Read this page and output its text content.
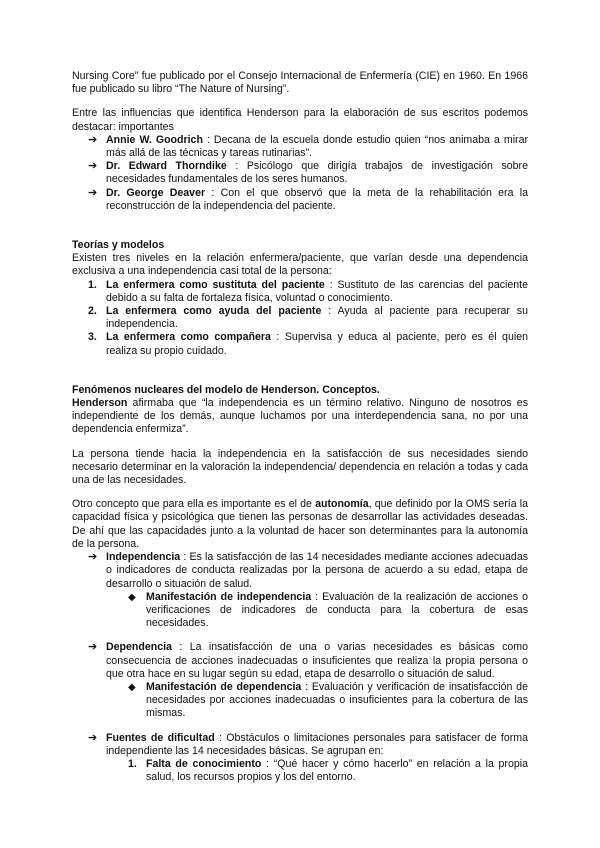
Nursing Core” fue publicado por el Consejo Internacional de Enfermería (CIE) en 1960. En 1966 fue publicado su libro “The Nature of Nursing”.

Entre las influencias que identifica Henderson para la elaboración de sus escritos podemos destacar: importantes

➔ Annie W. Goodrich : Decana de la escuela donde estudio quien “nos animaba a mirar más allá de las técnicas y tareas rutinarias”.
➔ Dr. Edward Thorndike : Psicólogo que dirigía trabajos de investigación sobre necesidades fundamentales de los seres humanos.
➔ Dr. George Deaver : Con el que observó que la meta de la rehabilitación era la reconstrucción de la independencia del paciente.

Teorías y modelos

Existen tres niveles en la relación enfermera/paciente, que varían desde una dependencia exclusiva a una independencia casi total de la persona:

1. La enfermera como sustituta del paciente : Sustituto de las carencias del paciente debido a su falta de fortaleza física, voluntad o conocimiento.
2. La enfermera como ayuda del paciente : Ayuda al paciente para recuperar su independencia.
3. La enfermera como compañera : Supervisa y educa al paciente, pero es él quien realiza su propio cuidado.

Fenómenos nucleares del modelo de Henderson. Conceptos.

Henderson afirmaba que “la independencia es un término relativo. Ninguno de nosotros es independiente de los demás, aunque luchamos por una interdependencia sana, no por una dependencia enfermiza”.

La persona tiende hacia la independencia en la satisfacción de sus necesidades siendo necesario determinar en la valoración la independencia/ dependencia en relación a todas y cada una de las necesidades.

Otro concepto que para ella es importante es el de autonomía, que definido por la OMS sería la capacidad física y psicológica que tienen las personas de desarrollar las actividades deseadas. De ahí que las capacidades junto a la voluntad de hacer son determinantes para la autonomía de la persona.

➔ Independencia : Es la satisfacción de las 14 necesidades mediante acciones adecuadas o indicadores de conducta realizadas por la persona de acuerdo a su edad, etapa de desarrollo o situación de salud.
◆ Manifestación de independencia : Evaluación de la realización de acciones o verificaciones de indicadores de conducta para la cobertura de esas necesidades.
➔ Dependencia : La insatisfacción de una o varias necesidades es básicas como consecuencia de acciones inadecuadas o insuficientes que realiza la propia persona o que otra hace en su lugar según su edad, etapa de desarrollo o situación de salud.
◆ Manifestación de dependencia : Evaluación y verificación de insatisfacción de necesidades por acciones inadecuadas o insuficientes para la cobertura de las mismas.
➔ Fuentes de dificultad : Obstáculos o limitaciones personales para satisfacer de forma independiente las 14 necesidades básicas. Se agrupan en:
1. Falta de conocimiento : “Qué hacer y cómo hacerlo” en relación a la propia salud, los recursos propios y los del entorno.
